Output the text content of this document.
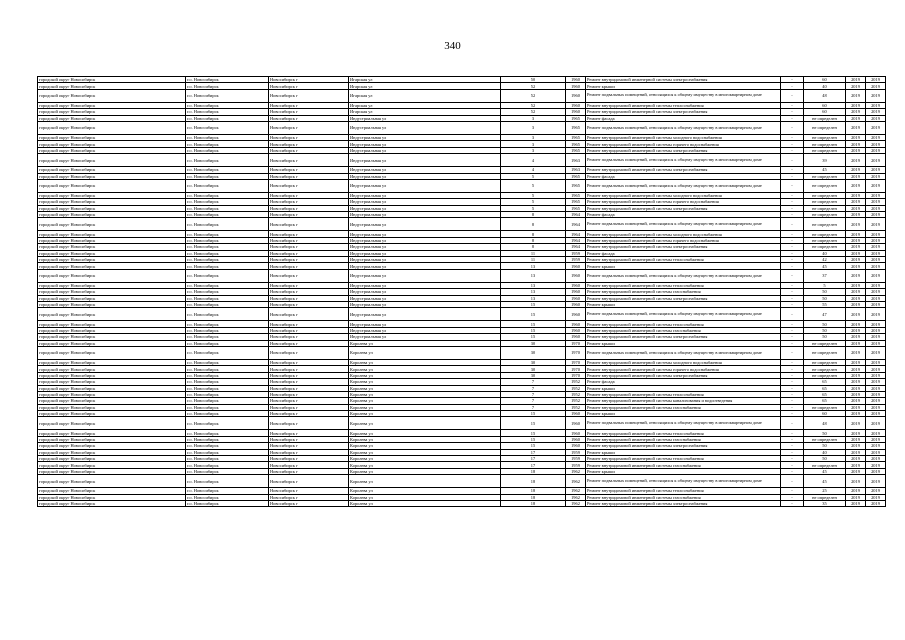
340
городской округ Новосибирск	г.о. Новосибирск	Новосибирск г	Игарская ул	50	1960	Ремонт внутридомовой инженерной системы электроснабжения	-	60	2019	2019
городской округ Новосибирск	г.о. Новосибирск	Новосибирск г	Игарская ул	52	1960	Ремонт крыши	-	40	2019	2019
городской округ Новосибирск	г.о. Новосибирск	Новосибирск г	Игарская ул	52	1960	Ремонт подвальных помещений, относящихся к общему имуществу в многоквартирном доме	-	48	2019	2019
городской округ Новосибирск	г.о. Новосибирск	Новосибирск г	Игарская ул	52	1960	Ремонт внутридомовой инженерной системы теплоснабжения	-	60	2019	2019
городской округ Новосибирск	г.о. Новосибирск	Новосибирск г	Игарская ул	52	1960	Ремонт внутридомовой инженерной системы электроснабжения	-	60	2019	2019
городской округ Новосибирск	г.о. Новосибирск	Новосибирск г	Индустриальная ул	3	1965	Ремонт фасада	-	не определен	2019	2019
городской округ Новосибирск	г.о. Новосибирск	Новосибирск г	Индустриальная ул	3	1965	Ремонт подвальных помещений, относящихся к общему имуществу в многоквартирном доме	-	не определен	2019	2019
городской округ Новосибирск	г.о. Новосибирск	Новосибирск г	Индустриальная ул	3	1965	Ремонт внутридомовой инженерной системы холодного водоснабжения	-	не определен	2019	2019
городской округ Новосибирск	г.о. Новосибирск	Новосибирск г	Индустриальная ул	3	1965	Ремонт внутридомовой инженерной системы горячего водоснабжения	-	не определен	2019	2019
городской округ Новосибирск	г.о. Новосибирск	Новосибирск г	Индустриальная ул	3	1965	Ремонт внутридомовой инженерной системы электроснабжения	-	не определен	2019	2019
городской округ Новосибирск	г.о. Новосибирск	Новосибирск г	Индустриальная ул	4	1963	Ремонт подвальных помещений, относящихся к общему имуществу в многоквартирном доме	-	39	2019	2019
городской округ Новосибирск	г.о. Новосибирск	Новосибирск г	Индустриальная ул	4	1963	Ремонт внутридомовой инженерной системы электроснабжения	-	45	2019	2019
городской округ Новосибирск	г.о. Новосибирск	Новосибирск г	Индустриальная ул	5	1965	Ремонт фасада	-	не определен	2019	2019
городской округ Новосибирск	г.о. Новосибирск	Новосибирск г	Индустриальная ул	5	1965	Ремонт подвальных помещений, относящихся к общему имуществу в многоквартирном доме	-	не определен	2019	2019
городской округ Новосибирск	г.о. Новосибирск	Новосибирск г	Индустриальная ул	5	1965	Ремонт внутридомовой инженерной системы холодного водоснабжения	-	не определен	2019	2019
городской округ Новосибирск	г.о. Новосибирск	Новосибирск г	Индустриальная ул	5	1965	Ремонт внутридомовой инженерной системы горячего водоснабжения	-	не определен	2019	2019
городской округ Новосибирск	г.о. Новосибирск	Новосибирск г	Индустриальная ул	5	1965	Ремонт внутридомовой инженерной системы электроснабжения	-	не определен	2019	2019
городской округ Новосибирск	г.о. Новосибирск	Новосибирск г	Индустриальная ул	8	1964	Ремонт фасада	-	не определен	2019	2019
городской округ Новосибирск	г.о. Новосибирск	Новосибирск г	Индустриальная ул	8	1964	Ремонт подвальных помещений, относящихся к общему имуществу в многоквартирном доме	-	не определен	2019	2019
городской округ Новосибирск	г.о. Новосибирск	Новосибирск г	Индустриальная ул	8	1964	Ремонт внутридомовой инженерной системы холодного водоснабжения	-	не определен	2019	2019
городской округ Новосибирск	г.о. Новосибирск	Новосибирск г	Индустриальная ул	8	1964	Ремонт внутридомовой инженерной системы горячего водоснабжения	-	не определен	2019	2019
городской округ Новосибирск	г.о. Новосибирск	Новосибирск г	Индустриальная ул	8	1964	Ремонт внутридомовой инженерной системы электроснабжения	-	не определен	2019	2019
городской округ Новосибирск	г.о. Новосибирск	Новосибирск г	Индустриальная ул	11	1959	Ремонт фасада	-	40	2019	2019
городской округ Новосибирск	г.о. Новосибирск	Новосибирск г	Индустриальная ул	11	1959	Ремонт внутридомовой инженерной системы теплоснабжения	-	42	2019	2019
городской округ Новосибирск	г.о. Новосибирск	Новосибирск г	Индустриальная ул	13	1960	Ремонт крыши	-	45	2019	2019
городской округ Новосибирск	г.о. Новосибирск	Новосибирск г	Индустриальная ул	13	1960	Ремонт подвальных помещений, относящихся к общему имуществу в многоквартирном доме	-	37	2019	2019
городской округ Новосибирск	г.о. Новосибирск	Новосибирск г	Индустриальная ул	13	1960	Ремонт внутридомовой инженерной системы теплоснабжения	-	5	2019	2019
городской округ Новосибирск	г.о. Новосибирск	Новосибирск г	Индустриальная ул	13	1960	Ремонт внутридомовой инженерной системы газоснабжения	-	50	2019	2019
городской округ Новосибирск	г.о. Новосибирск	Новосибирск г	Индустриальная ул	13	1960	Ремонт внутридомовой инженерной системы электроснабжения	-	50	2019	2019
городской округ Новосибирск	г.о. Новосибирск	Новосибирск г	Индустриальная ул	15	1960	Ремонт крыши	-	55	2019	2019
городской округ Новосибирск	г.о. Новосибирск	Новосибирск г	Индустриальная ул	15	1960	Ремонт подвальных помещений, относящихся к общему имуществу в многоквартирном доме	-	47	2019	2019
городской округ Новосибирск	г.о. Новосибирск	Новосибирск г	Индустриальная ул	15	1960	Ремонт внутридомовой инженерной системы теплоснабжения	-	50	2019	2019
городской округ Новосибирск	г.о. Новосибирск	Новосибирск г	Индустриальная ул	15	1960	Ремонт внутридомовой инженерной системы газоснабжения	-	50	2019	2019
городской округ Новосибирск	г.о. Новосибирск	Новосибирск г	Индустриальная ул	15	1960	Ремонт внутридомовой инженерной системы электроснабжения	-	50	2019	2019
городской округ Новосибирск	г.о. Новосибирск	Новосибирск г	Королева ул	30	1970	Ремонт крыши	-	не определен	2019	2019
городской округ Новосибирск	г.о. Новосибирск	Новосибирск г	Королева ул	30	1970	Ремонт подвальных помещений, относящихся к общему имуществу в многоквартирном доме	-	не определен	2019	2019
городской округ Новосибирск	г.о. Новосибирск	Новосибирск г	Королева ул	30	1970	Ремонт внутридомовой инженерной системы холодного водоснабжения	-	не определен	2019	2019
городской округ Новосибирск	г.о. Новосибирск	Новосибирск г	Королева ул	30	1970	Ремонт внутридомовой инженерной системы горячего водоснабжения	-	не определен	2019	2019
городской округ Новосибирск	г.о. Новосибирск	Новосибирск г	Королева ул	30	1970	Ремонт внутридомовой инженерной системы электроснабжения	-	не определен	2019	2019
городской округ Новосибирск	г.о. Новосибирск	Новосибирск г	Королева ул	7	1952	Ремонт фасада	-	65	2019	2019
городской округ Новосибирск	г.о. Новосибирск	Новосибирск г	Королева ул	7	1952	Ремонт крыши	-	65	2019	2019
городской округ Новосибирск	г.о. Новосибирск	Новосибирск г	Королева ул	7	1952	Ремонт внутридомовой инженерной системы теплоснабжения	-	65	2019	2019
городской округ Новосибирск	г.о. Новосибирск	Новосибирск г	Королева ул	7	1952	Ремонт внутридомовой инженерной системы канализования и водоотведения	-	65	2019	2019
городской округ Новосибирск	г.о. Новосибирск	Новосибирск г	Королева ул	7	1952	Ремонт внутридомовой инженерной системы газоснабжения	-	не определен	2019	2019
городской округ Новосибирск	г.о. Новосибирск	Новосибирск г	Королева ул	15	1960	Ремонт крыши	-	60	2019	2019
городской округ Новосибирск	г.о. Новосибирск	Новосибирск г	Королева ул	15	1960	Ремонт подвальных помещений, относящихся к общему имуществу в многоквартирном доме	-	48	2019	2019
городской округ Новосибирск	г.о. Новосибирск	Новосибирск г	Королева ул	15	1960	Ремонт внутридомовой инженерной системы теплоснабжения	-	50	2019	2019
городской округ Новосибирск	г.о. Новосибирск	Новосибирск г	Королева ул	15	1960	Ремонт внутридомовой инженерной системы газоснабжения	-	не определен	2019	2019
городской округ Новосибирск	г.о. Новосибирск	Новосибирск г	Королева ул	15	1960	Ремонт внутридомовой инженерной системы электроснабжения	-	50	2019	2019
городской округ Новосибирск	г.о. Новосибирск	Новосибирск г	Королева ул	17	1959	Ремонт крыши	-	40	2019	2019
городской округ Новосибирск	г.о. Новосибирск	Новосибирск г	Королева ул	17	1959	Ремонт внутридомовой инженерной системы теплоснабжения	-	50	2019	2019
городской округ Новосибирск	г.о. Новосибирск	Новосибирск г	Королева ул	17	1959	Ремонт внутридомовой инженерной системы газоснабжения	-	не определен	2019	2019
городской округ Новосибирск	г.о. Новосибирск	Новосибирск г	Королева ул	18	1962	Ремонт крыши	-	45	2019	2019
городской округ Новосибирск	г.о. Новосибирск	Новосибирск г	Королева ул	18	1962	Ремонт подвальных помещений, относящихся к общему имуществу в многоквартирном доме	-	45	2019	2019
городской округ Новосибирск	г.о. Новосибирск	Новосибирск г	Королева ул	18	1962	Ремонт внутридомовой инженерной системы теплоснабжения	-	25	2019	2019
городской округ Новосибирск	г.о. Новосибирск	Новосибирск г	Королева ул	18	1962	Ремонт внутридомовой инженерной системы газоснабжения	-	не определен	2019	2019
городской округ Новосибирск	г.о. Новосибирск	Новосибирск г	Королева ул	18	1962	Ремонт внутридомовой инженерной системы электроснабжения	-	35	2019	2019
